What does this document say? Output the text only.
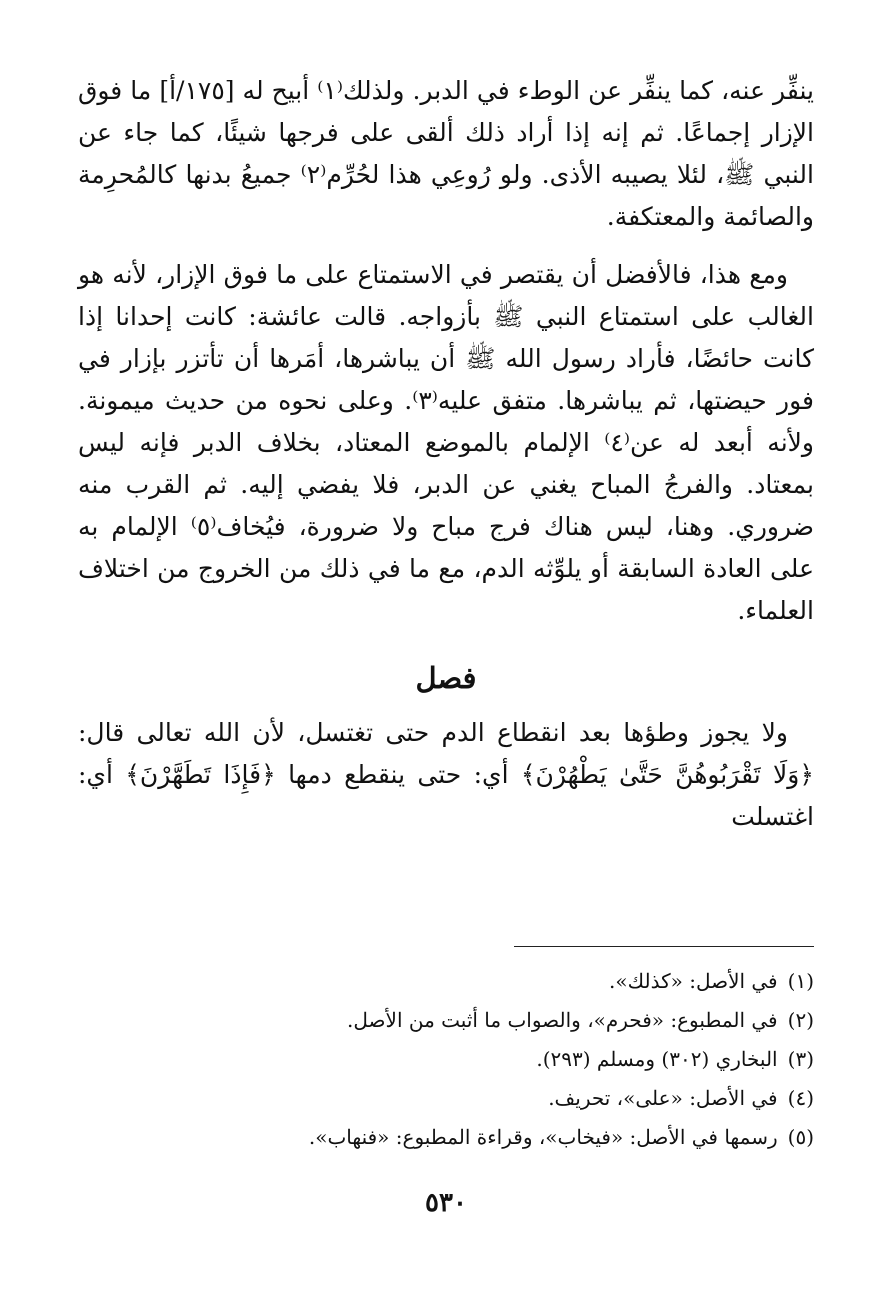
ينفِّر عنه، كما ينفِّر عن الوطء في الدبر. ولذلك⁽١⁾ أبيح له [١٧٥/أ] ما فوق الإزار إجماعًا. ثم إنه إذا أراد ذلك ألقى على فرجها شيئًا، كما جاء عن النبي ﷺ، لئلا يصيبه الأذى. ولو رُوعِي هذا لحُرِّم⁽٢⁾ جميعُ بدنها كالمُحرِمة والصائمة والمعتكفة.

ومع هذا، فالأفضل أن يقتصر في الاستمتاع على ما فوق الإزار، لأنه هو الغالب على استمتاع النبي ﷺ بأزواجه. قالت عائشة: كانت إحدانا إذا كانت حائضًا، فأراد رسول الله ﷺ أن يباشرها، أمَرها أن تأتزر بإزار في فور حيضتها، ثم يباشرها. متفق عليه⁽٣⁾. وعلى نحوه من حديث ميمونة. ولأنه أبعد له عن⁽٤⁾ الإلمام بالموضع المعتاد، بخلاف الدبر فإنه ليس بمعتاد. والفرجُ المباح يغني عن الدبر، فلا يفضي إليه. ثم القرب منه ضروري. وهنا، ليس هناك فرج مباح ولا ضرورة، فيُخاف⁽٥⁾ الإلمام به على العادة السابقة أو يلوِّثه الدم، مع ما في ذلك من الخروج من اختلاف العلماء.

فصل

ولا يجوز وطؤها بعد انقطاع الدم حتى تغتسل، لأن الله تعالى قال: ﴿وَلَا تَقْرَبُوهُنَّ حَتَّىٰ يَطْهُرْنَ﴾ أي: حتى ينقطع دمها ﴿فَإِذَا تَطَهَّرْنَ﴾ أي: اغتسلت

(١)في الأصل: «كذلك».
(٢)في المطبوع: «فحرم»، والصواب ما أثبت من الأصل.
(٣)البخاري (٣٠٢) ومسلم (٢٩٣).
(٤)في الأصل: «على»، تحريف.
(٥)رسمها في الأصل: «فيخاب»، وقراءة المطبوع: «فنهاب».
٥٣٠
